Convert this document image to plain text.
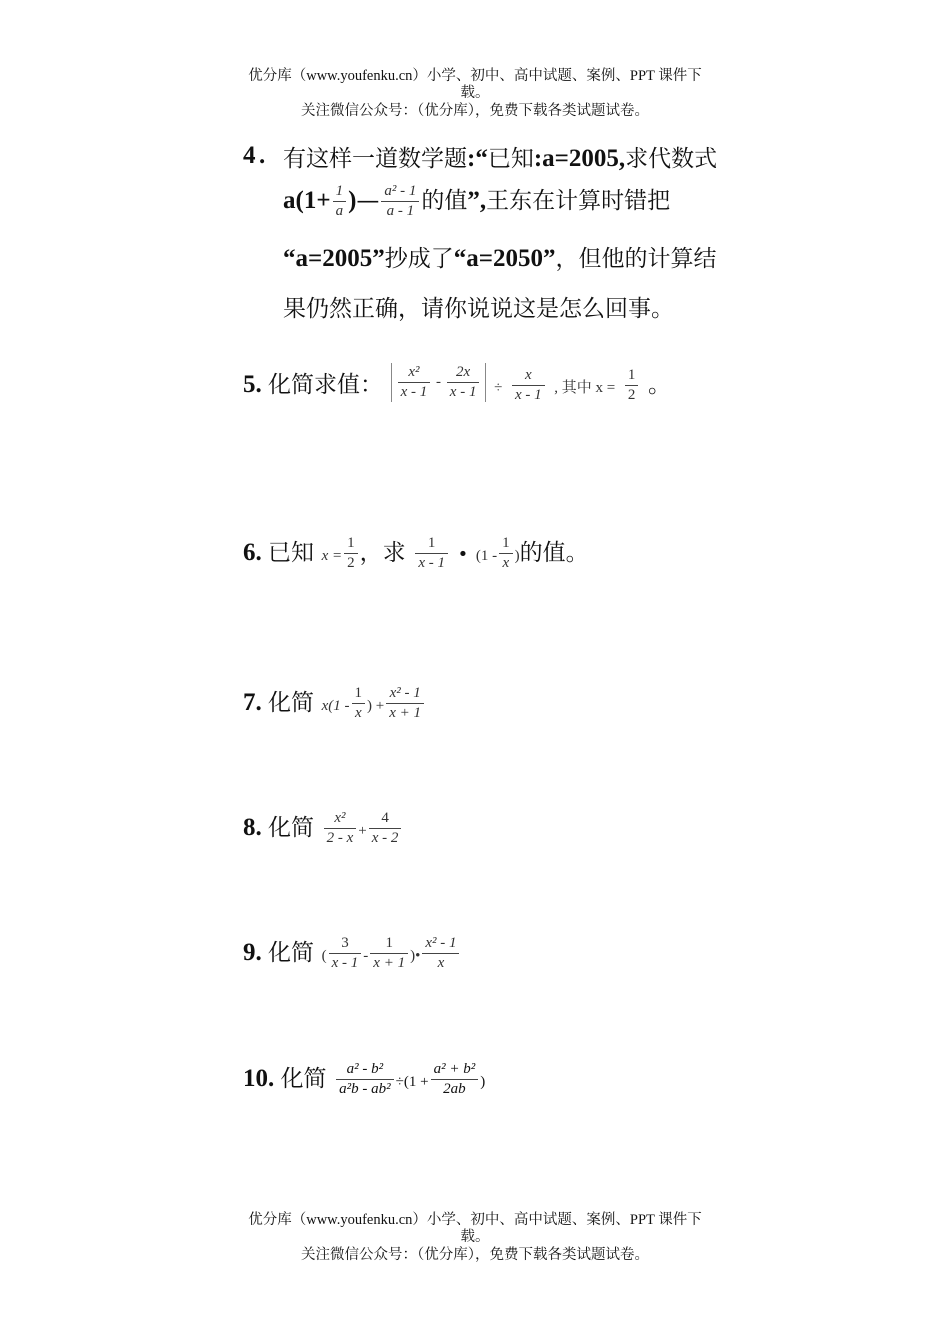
优分库（www.youfenku.cn）小学、初中、高中试题、案例、PPT 课件下
载。
关注微信公众号：（优分库），免费下载各类试题试卷。
4 . 有这样一道数学题:“已知:a=2005,求代数式
$a(1+ \frac{1}{a}$ )— $\frac{\text{a² - 1}}{a - 1}$ 的值”,王东在计算时错把
“a=2005”抄成了“a=2050”，但他的计算结
果仍然正确，请你说说这是怎么回事。
5. 化简求值： $\frac{\text{x²}}{x - 1} - \frac{2x}{x - 1} \div \frac{x}{x - 1}$ , 其中 $x = \frac{1}{2}$ 。
6. 已知 $x = \frac{1}{2}$ ，求 $\frac{1}{x - 1}$ • ($1 - \frac{1}{x}$ )的值。
7. 化简 $x(1 - \frac{1}{x}$ ) + $\frac{\text{x² - 1}}{x + 1}$
8. 化简 $\frac{\text{x²}}{2 - x} + \frac{4}{x - 2}$
9. 化简 ( $\frac{3}{x - 1} - \frac{1}{x + 1}$ )• $\frac{\text{x² - 1}}{x}$
10. 化简 $\frac{\text{a² - b²}}{\text{a²b - ab²}} \div(1 + \frac{\text{a² + b²}}{2ab}$ )
优分库（www.youfenku.cn）小学、初中、高中试题、案例、PPT 课件下
载。
关注微信公众号：（优分库），免费下载各类试题试卷。
